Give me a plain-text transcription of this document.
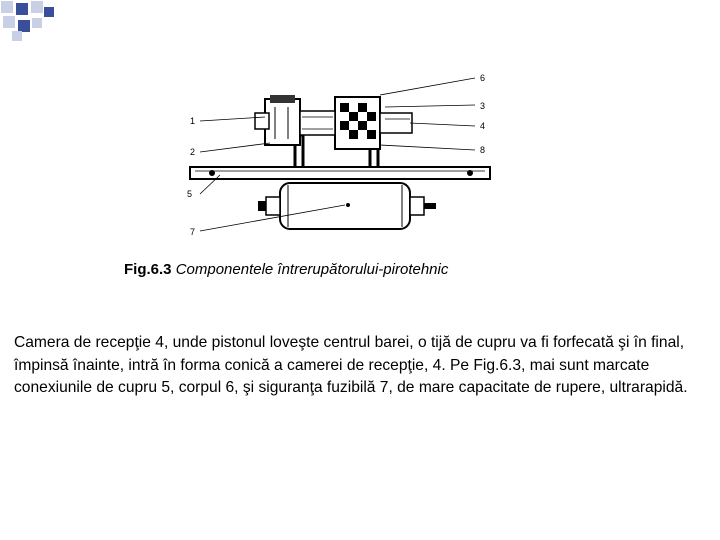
1
2
3
4
5
6
7
8
Fig.6.3 Componentele întrerupătorului-pirotehnic
Camera de recepţie 4, unde pistonul loveşte centrul barei, o tijă de cupru va fi forfecată şi în final, împinsă înainte, intră în forma conică a camerei de recepţie, 4. Pe Fig.6.3, mai sunt marcate conexiunile de cupru 5, corpul 6, şi siguranţa fuzibilă 7, de mare capacitate de rupere, ultrarapidă.
